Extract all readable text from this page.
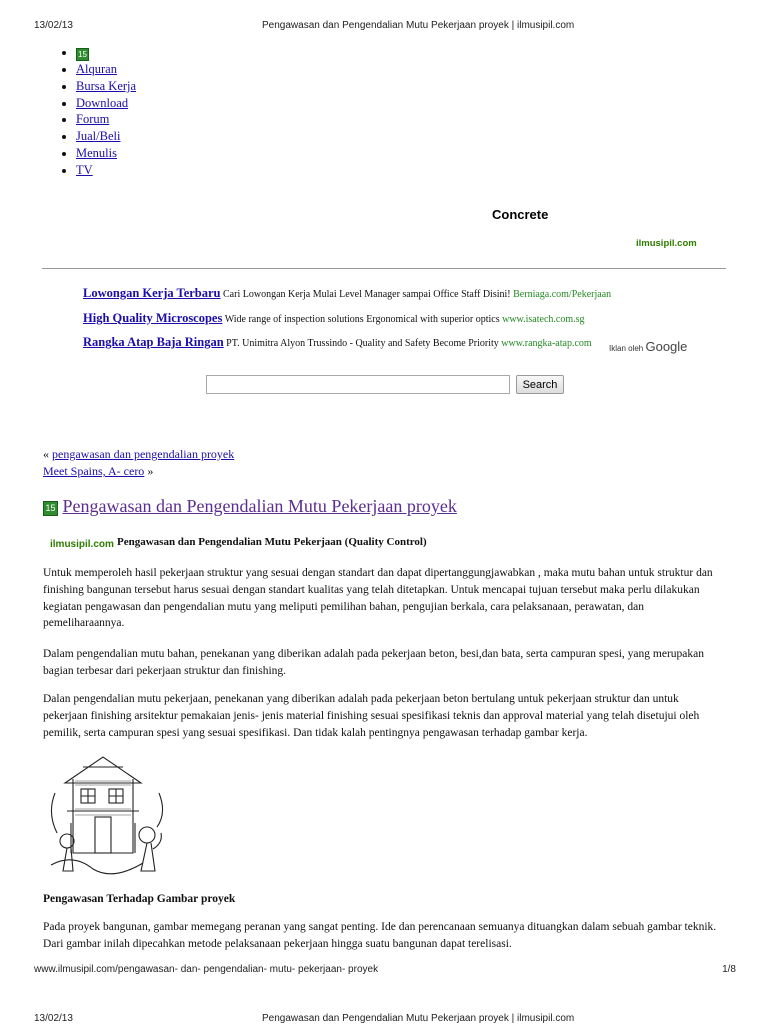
13/02/13	Pengawasan dan Pengendalian Mutu Pekerjaan proyek | ilmusipil.com
• 15
• Alquran
• Bursa Kerja
• Download
• Forum
• Jual/Beli
• Menulis
• TV
Concrete
ilmusipil.com
Lowongan Kerja Terbaru Cari Lowongan Kerja Mulai Level Manager sampai Office Staff Disini! Berniaga.com/Pekerjaan
High Quality Microscopes Wide range of inspection solutions Ergonomical with superior optics www.isatech.com.sg
Rangka Atap Baja Ringan PT. Unimitra Alyon Trussindo - Quality and Safety Become Priority www.rangka-atap.com	Iklan oleh Google
Search
« pengawasan dan pengendalian proyek
Meet Spains, A- cero »
15 Pengawasan dan Pengendalian Mutu Pekerjaan proyek
ilmusipil.com Pengawasan dan Pengendalian Mutu Pekerjaan (Quality Control)
Untuk memperoleh hasil pekerjaan struktur yang sesuai dengan standart dan dapat dipertanggungjawabkan , maka mutu bahan untuk struktur dan finishing bangunan tersebut harus sesuai dengan standart kualitas yang telah ditetapkan. Untuk mencapai tujuan tersebut maka perlu dilakukan kegiatan pengawasan dan pengendalian mutu yang meliputi pemilihan bahan, pengujian berkala, cara pelaksanaan, perawatan, dan pemeliharaannya.
Dalam pengendalian mutu bahan, penekanan yang diberikan adalah pada pekerjaan beton, besi,dan bata, serta campuran spesi, yang merupakan bagian terbesar dari pekerjaan struktur dan finishing.
Dalan pengendalian mutu pekerjaan, penekanan yang diberikan adalah pada pekerjaan beton bertulang untuk pekerjaan struktur dan untuk pekerjaan finishing arsitektur pemakaian jenis- jenis material finishing sesuai spesifikasi teknis dan approval material yang telah disetujui oleh pemilik, serta campuran spesi yang sesuai spesifikasi. Dan tidak kalah pentingnya pengawasan terhadap gambar kerja.
Pengawasan Terhadap Gambar proyek
Pada proyek bangunan, gambar memegang peranan yang sangat penting. Ide dan perencanaan semuanya dituangkan dalam sebuah gambar teknik. Dari gambar inilah dipecahkan metode pelaksanaan pekerjaan hingga suatu bangunan dapat terelisasi.
www.ilmusipil.com/pengawasan- dan- pengendalian- mutu- pekerjaan- proyek	1/8
13/02/13	Pengawasan dan Pengendalian Mutu Pekerjaan proyek | ilmusipil.com
